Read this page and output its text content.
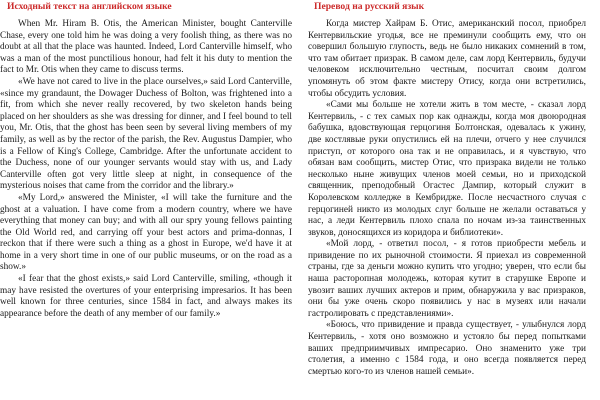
Исходный текст на английском языке

When Mr. Hiram B. Otis, the American Minister, bought Canterville Chase, every one told him he was doing a very foolish thing, as there was no doubt at all that the place was haunted. Indeed, Lord Canterville himself, who was a man of the most punctilious honour, had felt it his duty to mention the fact to Mr. Otis when they came to discuss terms.

«We have not cared to live in the place ourselves,» said Lord Canterville, «since my grandaunt, the Dowager Duchess of Bolton, was frightened into a fit, from which she never really recovered, by two skeleton hands being placed on her shoulders as she was dressing for dinner, and I feel bound to tell you, Mr. Otis, that the ghost has been seen by several living members of my family, as well as by the rector of the parish, the Rev. Augustus Dampier, who is a Fellow of King's College, Cambridge. After the unfortunate accident to the Duchess, none of our younger servants would stay with us, and Lady Canterville often got very little sleep at night, in consequence of the mysterious noises that came from the corridor and the library.»

«My Lord,» answered the Minister, «I will take the furniture and the ghost at a valuation. I have come from a modern country, where we have everything that money can buy; and with all our spry young fellows painting the Old World red, and carrying off your best actors and prima-donnas, I reckon that if there were such a thing as a ghost in Europe, we'd have it at home in a very short time in one of our public museums, or on the road as a show.»

«I fear that the ghost exists,» said Lord Canterville, smiling, «though it may have resisted the overtures of your enterprising impresarios. It has been well known for three centuries, since 1584 in fact, and always makes its appearance before the death of any member of our family.»

Перевод на русский язык

Когда мистер Хайрам Б. Отис, американский посол, приобрел Кентервильские угодья, все не преминули сообщить ему, что он совершил большую глупость, ведь не было никаких сомнений в том, что там обитает призрак. В самом деле, сам лорд Кентервиль, будучи человеком исключительно честным, посчитал своим долгом упомянуть об этом факте мистеру Отису, когда они встретились, чтобы обсудить условия.

«Сами мы больше не хотели жить в том месте, - сказал лорд Кентервиль, - с тех самых пор как однажды, когда моя двоюродная бабушка, вдовствующая герцогиня Болтонская, одевалась к ужину, две костлявые руки опустились ей на плечи, отчего у нее случился приступ, от которого она так и не оправилась, и я чувствую, что обязан вам сообщить, мистер Отис, что призрака видели не только несколько ныне живущих членов моей семьи, но и приходской священник, преподобный Огастес Дампир, который служит в Королевском колледже в Кембридже. После несчастного случая с герцогиней никто из молодых слуг больше не желали оставаться у нас, а леди Кентервиль плохо спала по ночам из-за таинственных звуков, доносящихся из коридора и библиотеки».

«Мой лорд, - ответил посол, - я готов приобрести мебель и привидение по их рыночной стоимости. Я приехал из современной страны, где за деньги можно купить что угодно; уверен, что если бы наша расторопная молодежь, которая кутит в старушке Европе и увозит ваших лучших актеров и прим, обнаружила у вас призраков, они бы уже очень скоро появились у нас в музеях или начали гастролировать с представлениями».

«Боюсь, что привидение и правда существует, - улыбнулся лорд Кентервиль, - хотя оно возможно и устояло бы перед попытками ваших предприимчивых импресарио. Оно знаменито уже три столетия, а именно с 1584 года, и оно всегда появляется перед смертью кого-то из членов нашей семьи».
